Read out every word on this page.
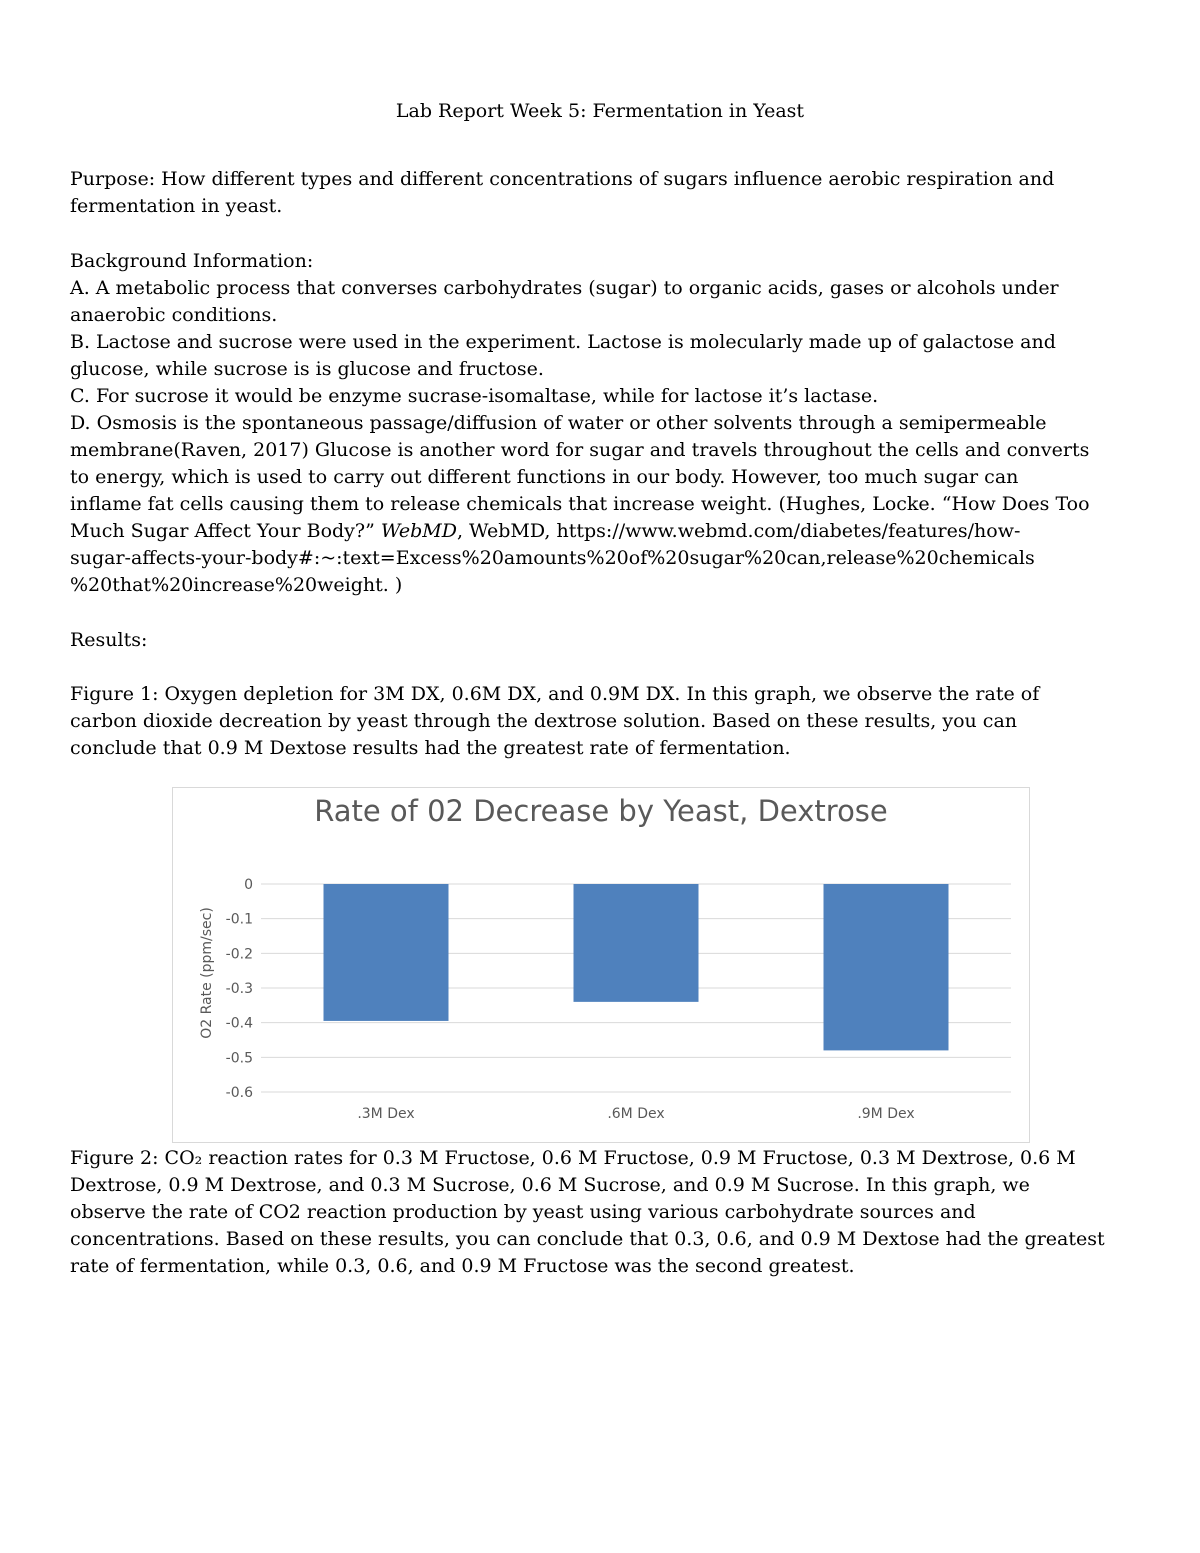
Lab Report Week 5: Fermentation in Yeast
Purpose: How different types and different concentrations of sugars influence aerobic respiration and
fermentation in yeast.
Background Information:
A. A metabolic process that converses carbohydrates (sugar) to organic acids, gases or alcohols under
anaerobic conditions.
B. Lactose and sucrose were used in the experiment. Lactose is molecularly made up of galactose and
glucose, while sucrose is is glucose and fructose.
C. For sucrose it would be enzyme sucrase-isomaltase, while for lactose it’s lactase.
D. Osmosis is the spontaneous passage/diffusion of water or other solvents through a semipermeable
membrane(Raven, 2017) Glucose is another word for sugar and travels throughout the cells and converts
to energy, which is used to carry out different functions in our body. However, too much sugar can
inflame fat cells causing them to release chemicals that increase weight. (Hughes, Locke. “How Does Too
Much Sugar Affect Your Body?” WebMD, WebMD, https://www.webmd.com/diabetes/features/how-
sugar-affects-your-body#:~:text=Excess%20amounts%20of%20sugar%20can,release%20chemicals
%20that%20increase%20weight. )
Results:
Figure 1: Oxygen depletion for 3M DX, 0.6M DX, and 0.9M DX. In this graph, we observe the rate of
carbon dioxide decreation by yeast through the dextrose solution. Based on these results, you can
conclude that 0.9 M Dextose results had the greatest rate of fermentation.
Rate of 02 Decrease by Yeast, Dextrose
O2 Rate (ppm/sec)
0
-0.1
-0.2
-0.3
-0.4
-0.5
-0.6
.3M Dex	.6M Dex	.9M Dex
Figure 2: CO₂ reaction rates for 0.3 M Fructose, 0.6 M Fructose, 0.9 M Fructose, 0.3 M Dextrose, 0.6 M
Dextrose, 0.9 M Dextrose, and 0.3 M Sucrose, 0.6 M Sucrose, and 0.9 M Sucrose. In this graph, we
observe the rate of CO2 reaction production by yeast using various carbohydrate sources and
concentrations. Based on these results, you can conclude that 0.3, 0.6, and 0.9 M Dextose had the greatest
rate of fermentation, while 0.3, 0.6, and 0.9 M Fructose was the second greatest.
